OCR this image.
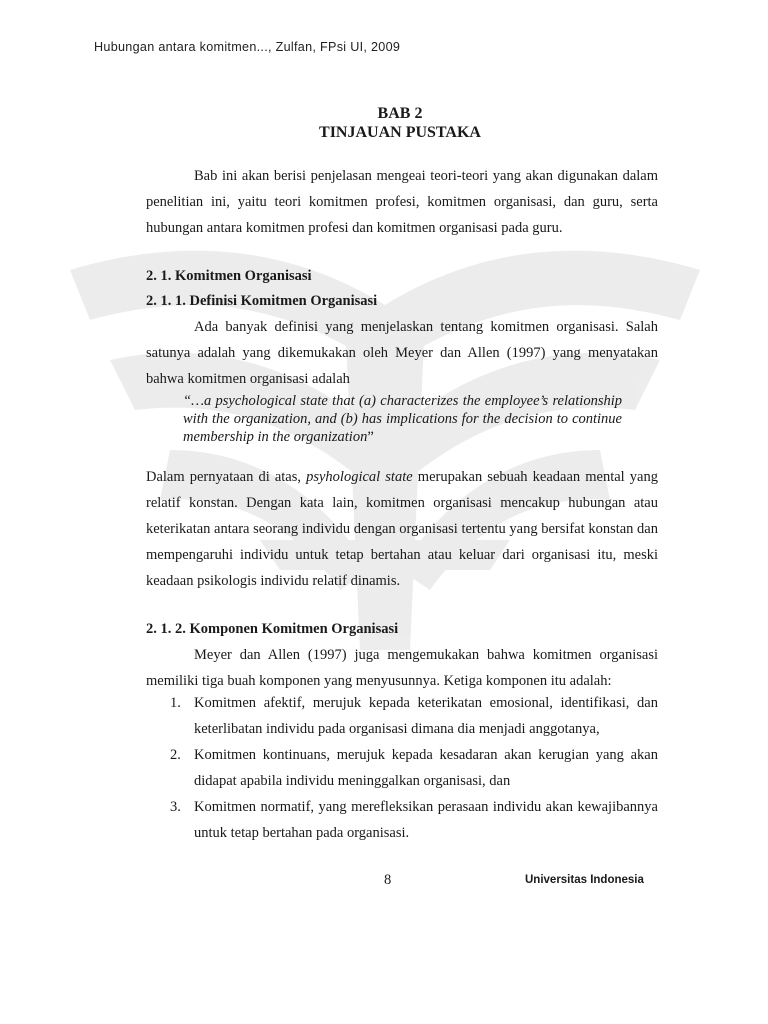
Hubungan antara komitmen..., Zulfan, FPsi UI, 2009
BAB 2
TINJAUAN PUSTAKA
Bab ini akan berisi penjelasan mengeai teori-teori yang akan digunakan dalam penelitian ini, yaitu teori komitmen profesi, komitmen organisasi, dan guru, serta hubungan antara komitmen profesi dan komitmen organisasi pada guru.
2. 1. Komitmen Organisasi
2. 1. 1. Definisi Komitmen Organisasi
Ada banyak definisi yang menjelaskan tentang komitmen organisasi. Salah satunya adalah yang dikemukakan oleh Meyer dan Allen (1997) yang menyatakan bahwa komitmen organisasi adalah
“…a psychological state that (a) characterizes the employee’s relationship with the organization, and (b) has implications for the decision to continue membership in the organization”
Dalam pernyataan di atas, psyhological state merupakan sebuah keadaan mental yang relatif konstan. Dengan kata lain, komitmen organisasi mencakup hubungan atau keterikatan antara seorang individu dengan organisasi tertentu yang bersifat konstan dan mempengaruhi individu untuk tetap bertahan atau keluar dari organisasi itu, meski keadaan psikologis individu relatif dinamis.
2. 1. 2. Komponen Komitmen Organisasi
Meyer dan Allen (1997) juga mengemukakan bahwa komitmen organisasi memiliki tiga buah komponen yang menyusunnya. Ketiga komponen itu adalah:
1. Komitmen afektif, merujuk kepada keterikatan emosional, identifikasi, dan keterlibatan individu pada organisasi dimana dia menjadi anggotanya,
2. Komitmen kontinuans, merujuk kepada kesadaran akan kerugian yang akan didapat apabila individu meninggalkan organisasi, dan
3. Komitmen normatif, yang merefleksikan perasaan individu akan kewajibannya untuk tetap bertahan pada organisasi.
8	Universitas Indonesia
